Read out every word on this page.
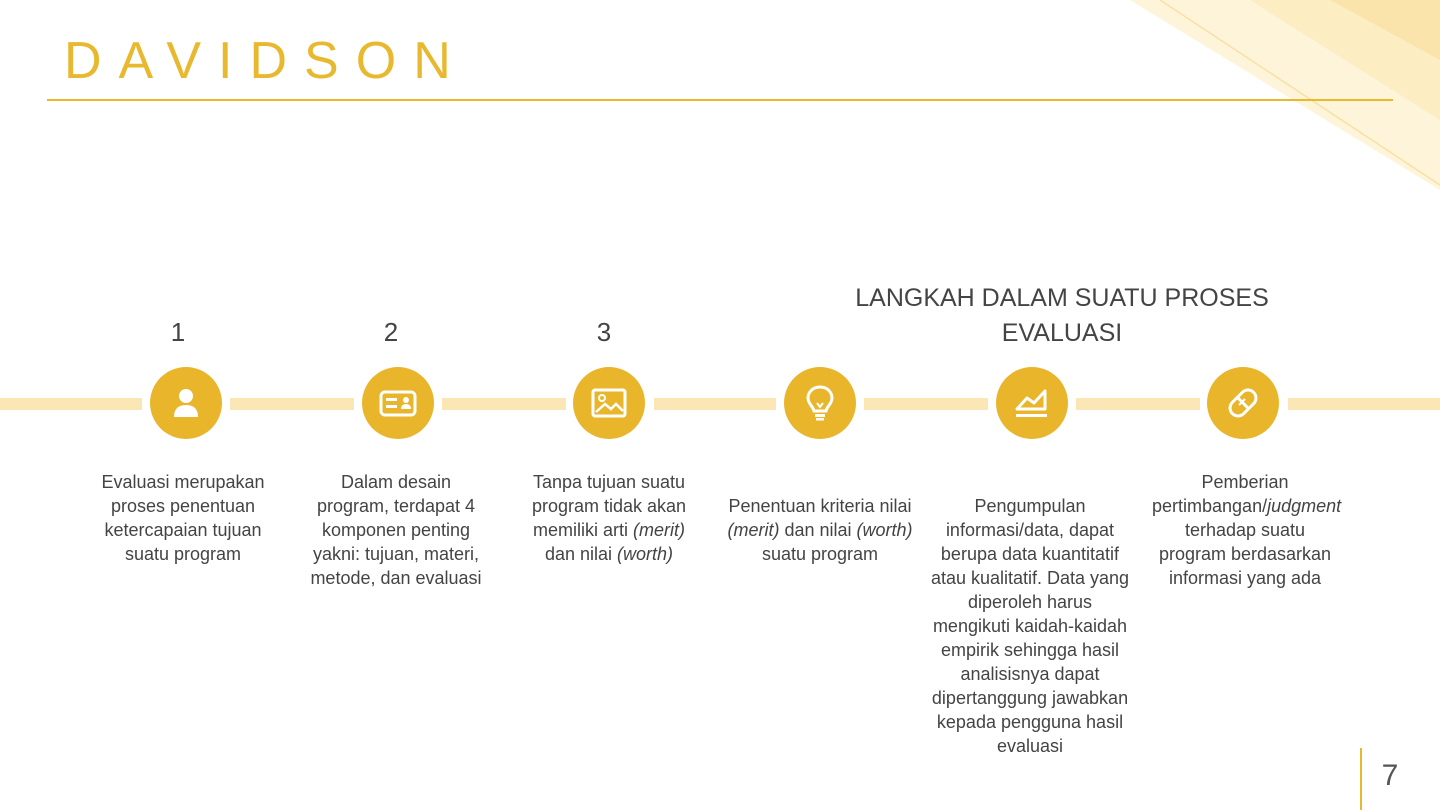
DAVIDSON
LANGKAH DALAM SUATU PROSES EVALUASI
1	2	3
Evaluasi merupakan proses penentuan ketercapaian tujuan suatu program
Dalam desain program, terdapat 4 komponen penting yakni: tujuan, materi, metode, dan evaluasi
Tanpa tujuan suatu program tidak akan memiliki arti (merit) dan nilai (worth)
Penentuan kriteria nilai (merit) dan nilai (worth) suatu program
Pengumpulan informasi/data, dapat berupa data kuantitatif atau kualitatif. Data yang diperoleh harus mengikuti kaidah-kaidah empirik sehingga hasil analisisnya dapat dipertanggung jawabkan kepada pengguna hasil evaluasi
Pemberian pertimbangan/judgment terhadap suatu program berdasarkan informasi yang ada
7
